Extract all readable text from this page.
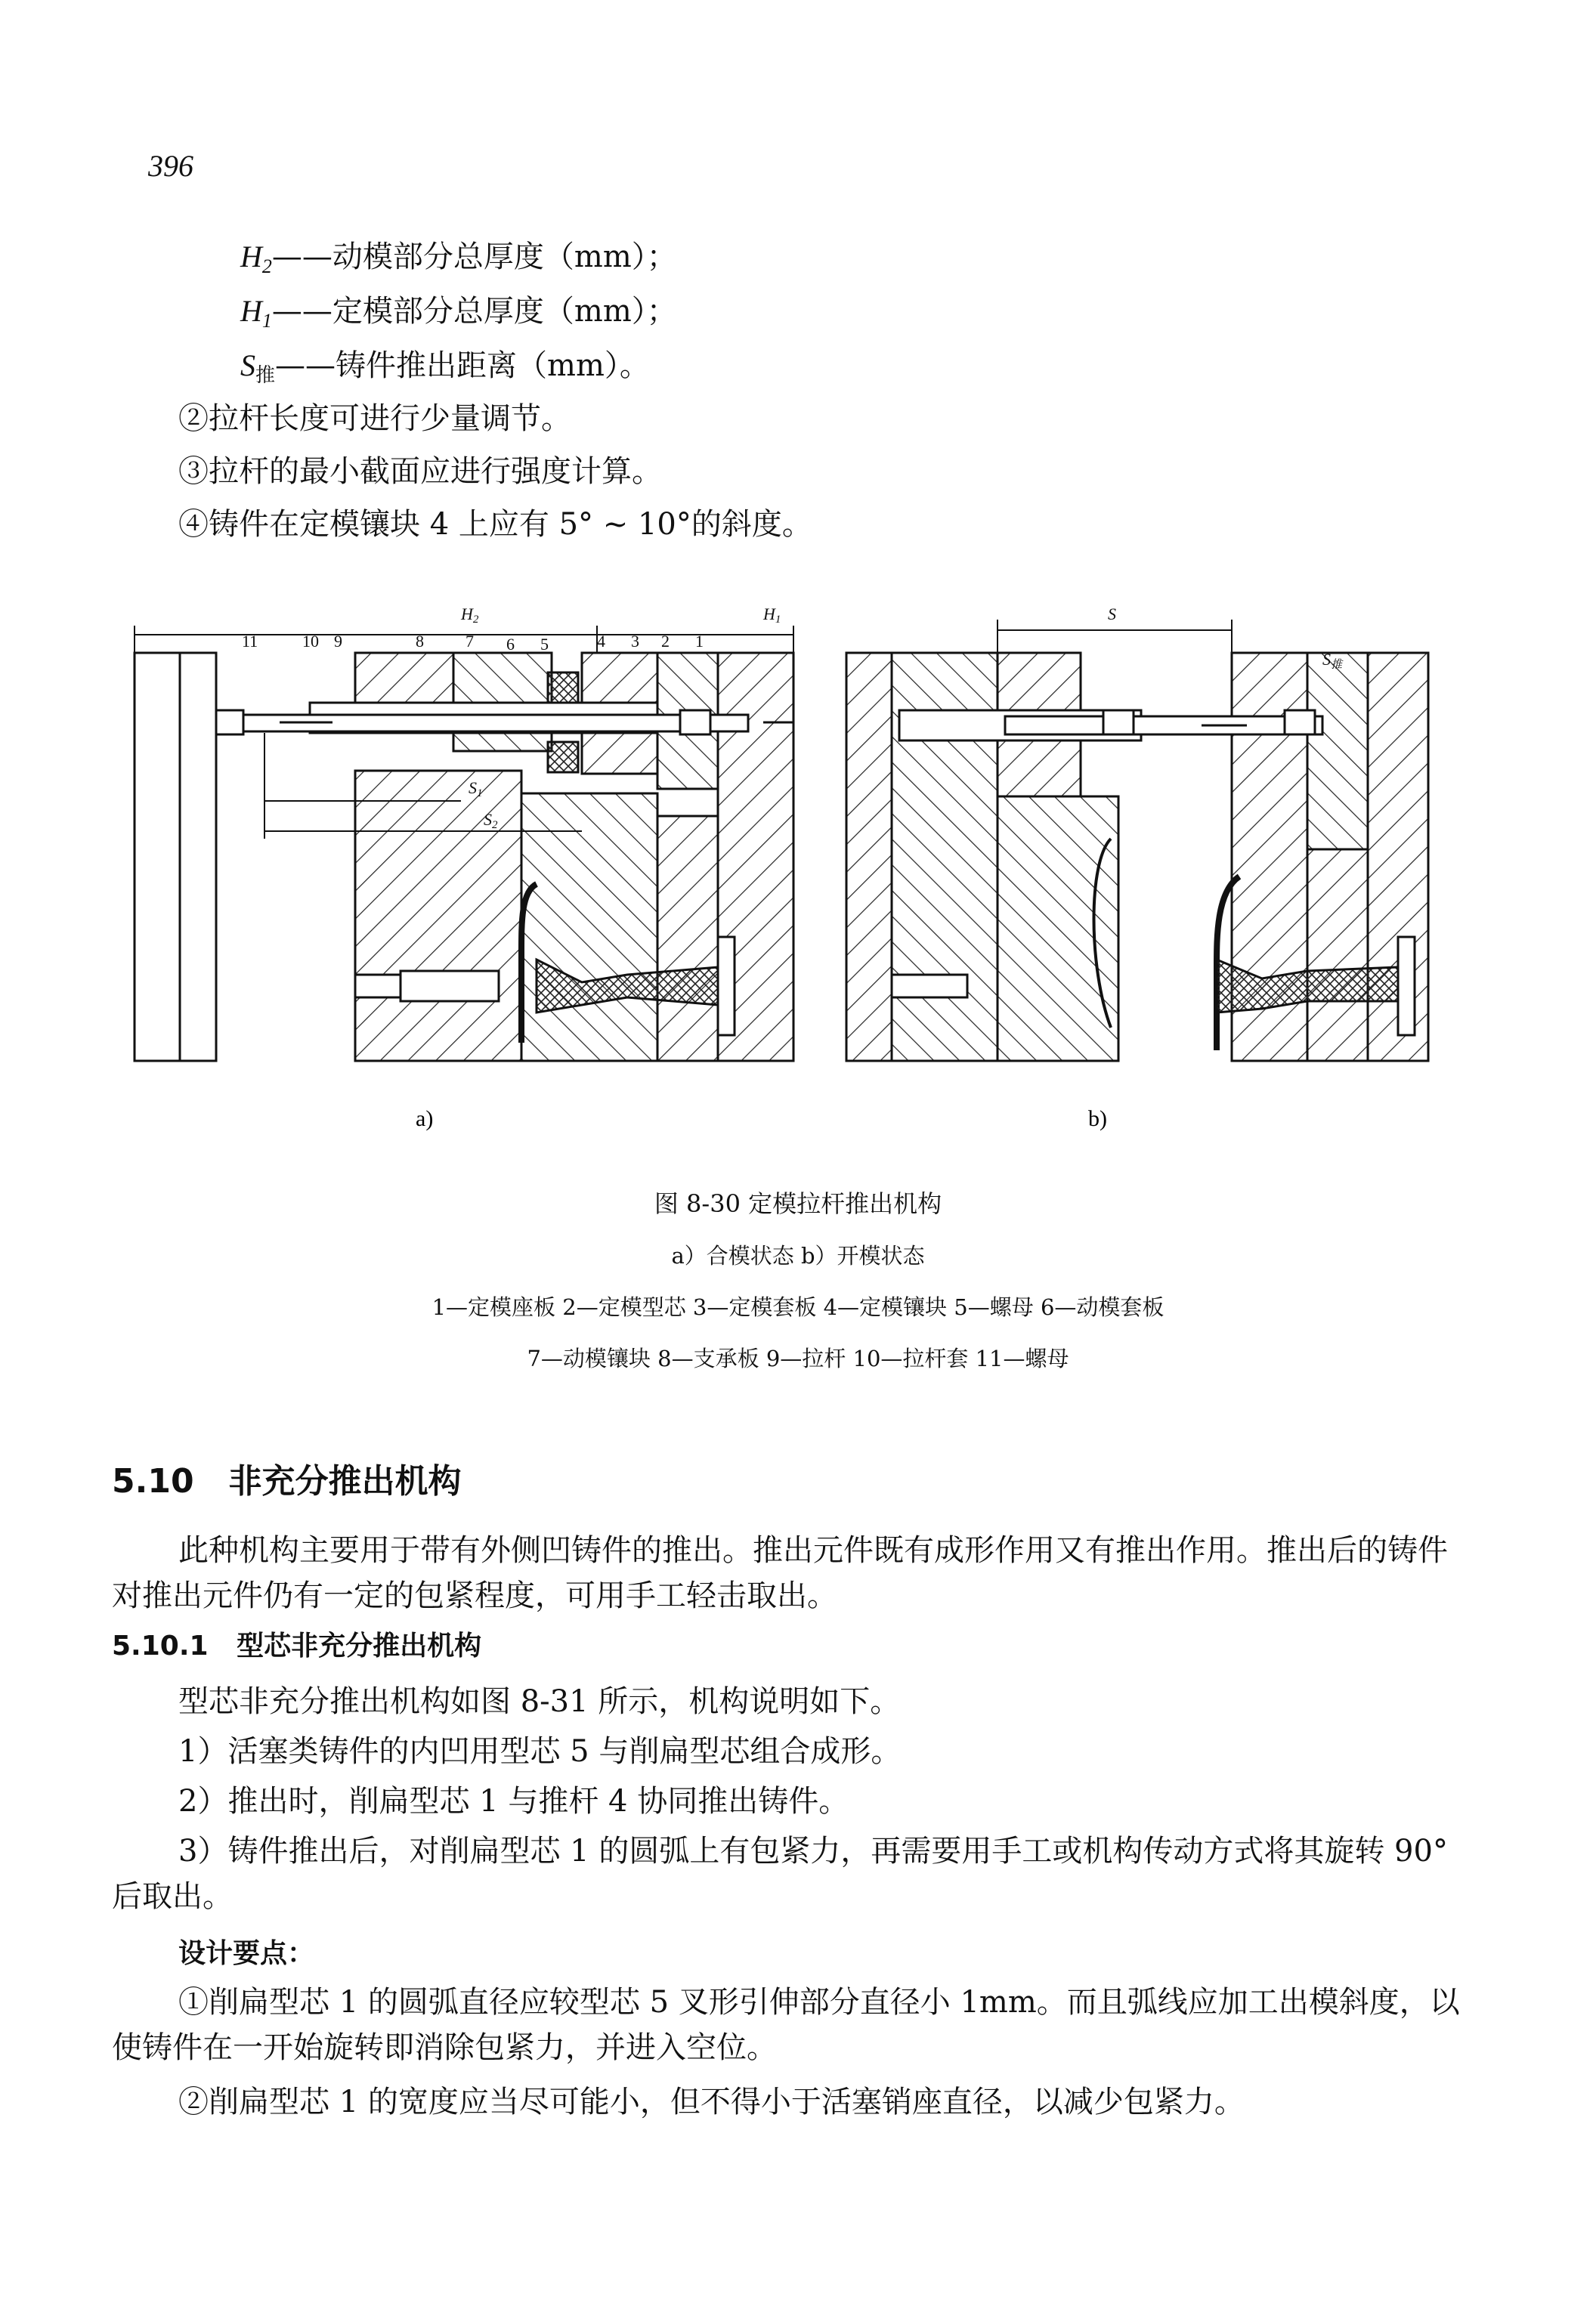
396
$H_2——$动模部分总厚度（mm）；
$H_1——$定模部分总厚度（mm）；
$S_推——$铸件推出距离（mm）。
②拉杆长度可进行少量调节。
③拉杆的最小截面应进行强度计算。
④铸件在定模镶块 4 上应有 5° ~ 10°的斜度。
H2	H1
S1
S2
11	10 9	8	7 6 5	4 3 2 1
S
S推
a)	b)
图 8-30 定模拉杆推出机构
a）合模状态 b）开模状态
1—定模座板 2—定模型芯 3—定模套板 4—定模镶块 5—螺母 6—动模套板
7—动模镶块 8—支承板 9—拉杆 10—拉杆套 11—螺母
5.10 非充分推出机构
此种机构主要用于带有外侧凹铸件的推出。推出元件既有成形作用又有推出作用。推出后的铸件对推出元件仍有一定的包紧程度，可用手工轻击取出。
5.10.1 型芯非充分推出机构
型芯非充分推出机构如图 8-31 所示，机构说明如下。
1）活塞类铸件的内凹用型芯 5 与削扁型芯组合成形。
2）推出时，削扁型芯 1 与推杆 4 协同推出铸件。
3）铸件推出后，对削扁型芯 1 的圆弧上有包紧力，再需要用手工或机构传动方式将其旋转 90°后取出。
设计要点：
①削扁型芯 1 的圆弧直径应较型芯 5 叉形引伸部分直径小 1mm。而且弧线应加工出模斜度，以使铸件在一开始旋转即消除包紧力，并进入空位。
②削扁型芯 1 的宽度应当尽可能小，但不得小于活塞销座直径，以减少包紧力。
